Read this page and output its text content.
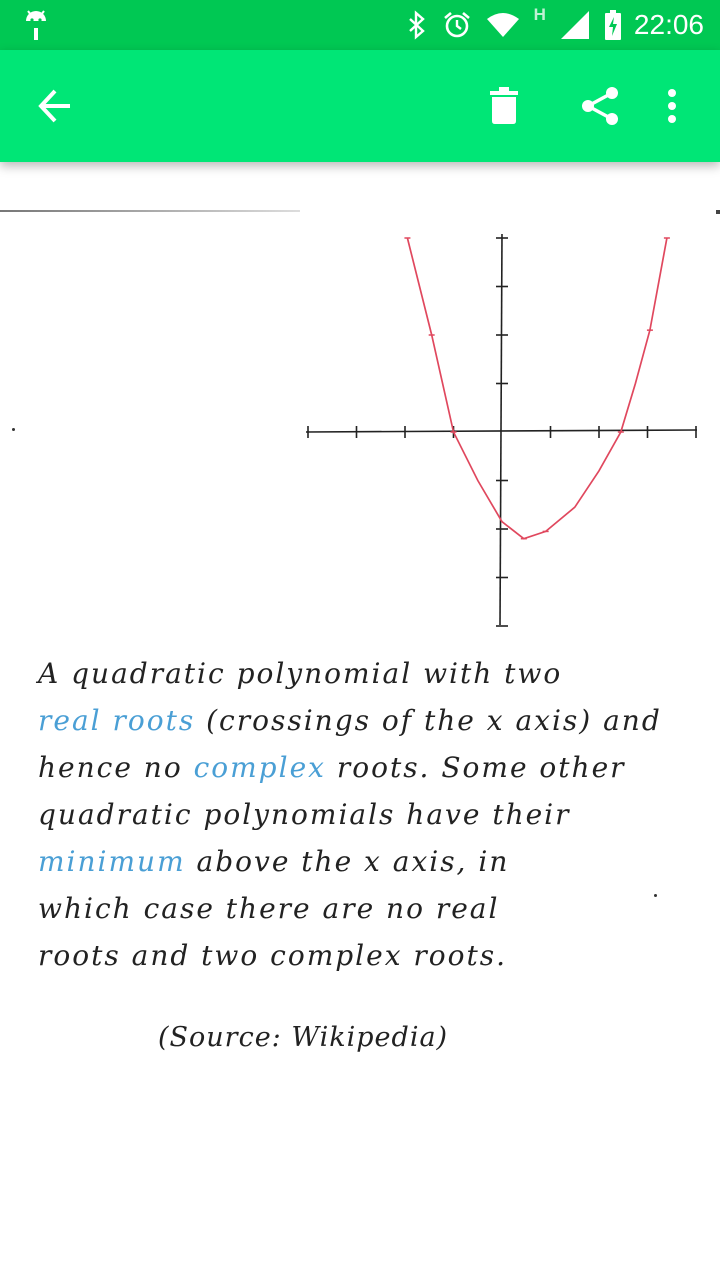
H	22:06
A quadratic polynomial with two
real roots (crossings of the x axis) and
hence no complex roots. Some other
quadratic polynomials have their
minimum above the x axis, in
which case there are no real
roots and two complex roots.
(Source: Wikipedia)
